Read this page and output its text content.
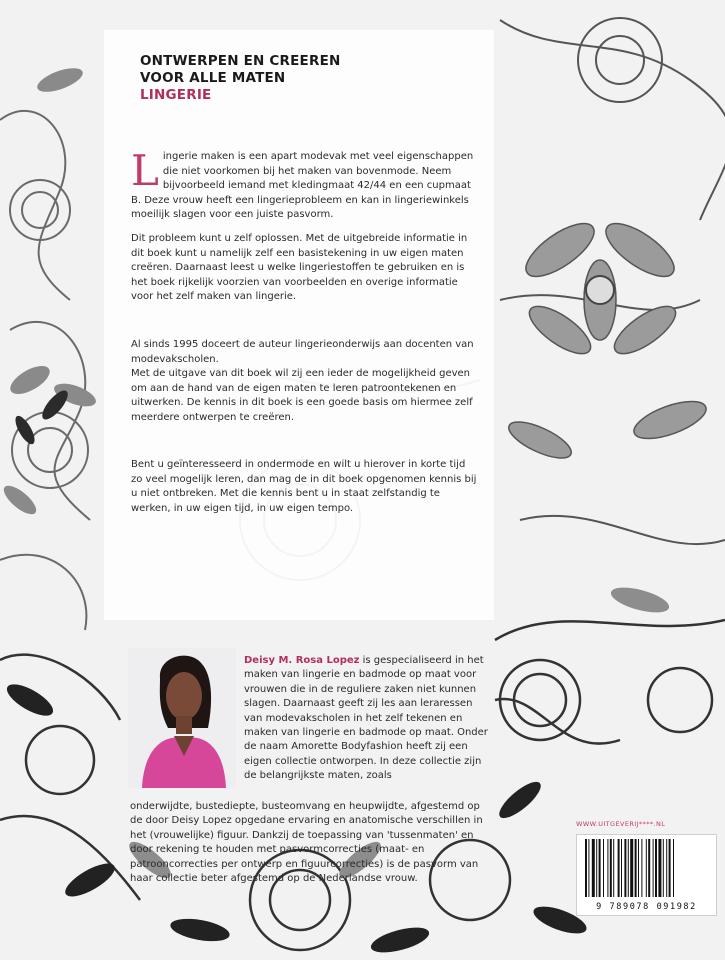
ONTWERPEN EN CREEREN
VOOR ALLE MATEN
LINGERIE

Lingerie maken is een apart modevak met veel eigenschappen die niet voorkomen bij het maken van bovenmode. Neem bijvoorbeeld iemand met kledingmaat 42/44 en een cupmaat B. Deze vrouw heeft een lingerieprobleem en kan in lingeriewinkels moeilijk slagen voor een juiste pasvorm.

Dit probleem kunt u zelf oplossen. Met de uitgebreide informatie in dit boek kunt u namelijk zelf een basistekening in uw eigen maten creëren. Daarnaast leest u welke lingeriestoffen te gebruiken en is het boek rijkelijk voorzien van voorbeelden en overige informatie voor het zelf maken van lingerie.

Al sinds 1995 doceert de auteur lingerieonderwijs aan docenten van modevakscholen.
Met de uitgave van dit boek wil zij een ieder de mogelijkheid geven om aan de hand van de eigen maten te leren patroontekenen en uitwerken. De kennis in dit boek is een goede basis om hiermee zelf meerdere ontwerpen te creëren.

Bent u geïnteresseerd in ondermode en wilt u hierover in korte tijd zo veel mogelijk leren, dan mag de in dit boek opgenomen kennis bij u niet ontbreken. Met die kennis bent u in staat zelfstandig te werken, in uw eigen tijd, in uw eigen tempo.

Deisy M. Rosa Lopez is gespecialiseerd in het maken van lingerie en badmode op maat voor vrouwen die in de reguliere zaken niet kunnen slagen. Daarnaast geeft zij les aan leraressen van modevakscholen in het zelf tekenen en maken van lingerie en badmode op maat. Onder de naam Amorette Bodyfashion heeft zij een eigen collectie ontworpen. In deze collectie zijn de belangrijkste maten, zoals

onderwijdte, bustediepte, busteomvang en heupwijdte, afgestemd op de door Deisy Lopez opgedane ervaring en anatomische verschillen in het (vrouwelijke) figuur. Dankzij de toepassing van 'tussenmaten' en door rekening te houden met pasvormcorrecties (maat- en patrooncorrecties per ontwerp en figuurcorrecties) is de pasvorm van haar collectie beter afgestemd op de Nederlandse vrouw.

WWW.UITGEVERIJ****.NL
9 789078 091982
